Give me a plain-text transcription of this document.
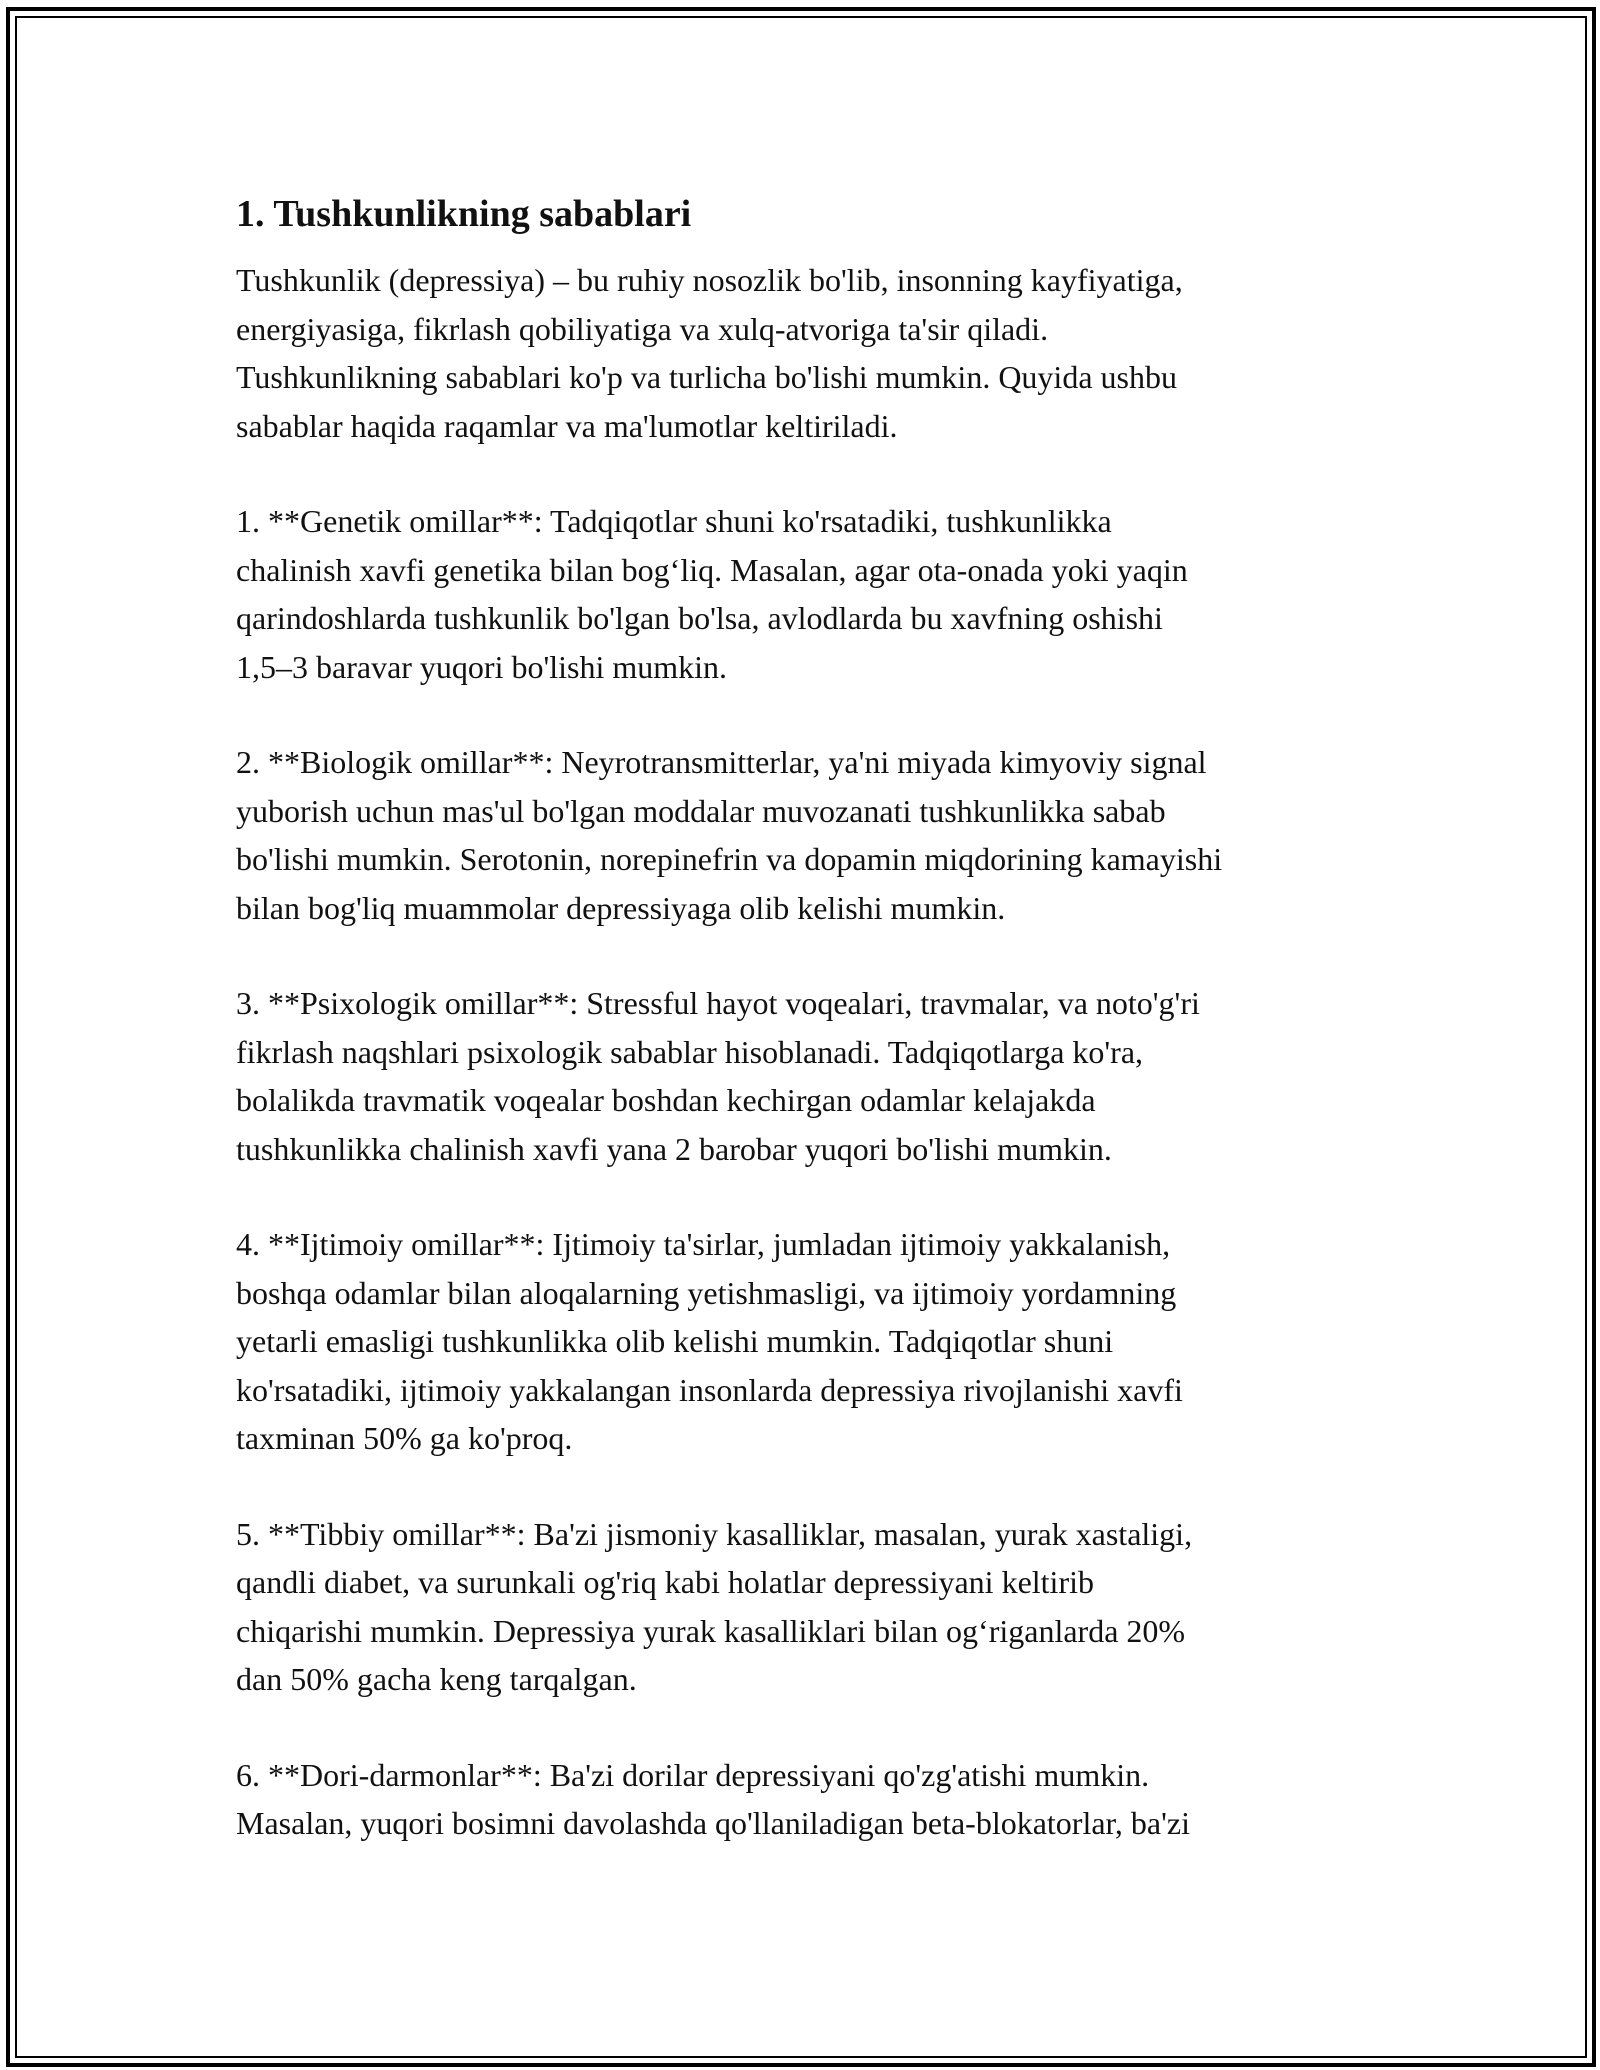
1. Tushkunlikning sabablari

Tushkunlik (depressiya) – bu ruhiy nosozlik bo'lib, insonning kayfiyatiga,
energiyasiga, fikrlash qobiliyatiga va xulq-atvoriga ta'sir qiladi.
Tushkunlikning sabablari ko'p va turlicha bo'lishi mumkin. Quyida ushbu
sabablar haqida raqamlar va ma'lumotlar keltiriladi.

1. **Genetik omillar**: Tadqiqotlar shuni ko'rsatadiki, tushkunlikka
chalinish xavfi genetika bilan bog‘liq. Masalan, agar ota-onada yoki yaqin
qarindoshlarda tushkunlik bo'lgan bo'lsa, avlodlarda bu xavfning oshishi
1,5–3 baravar yuqori bo'lishi mumkin.

2. **Biologik omillar**: Neyrotransmitterlar, ya'ni miyada kimyoviy signal
yuborish uchun mas'ul bo'lgan moddalar muvozanati tushkunlikka sabab
bo'lishi mumkin. Serotonin, norepinefrin va dopamin miqdorining kamayishi
bilan bog'liq muammolar depressiyaga olib kelishi mumkin.

3. **Psixologik omillar**: Stressful hayot voqealari, travmalar, va noto'g'ri
fikrlash naqshlari psixologik sabablar hisoblanadi. Tadqiqotlarga ko'ra,
bolalikda travmatik voqealar boshdan kechirgan odamlar kelajakda
tushkunlikka chalinish xavfi yana 2 barobar yuqori bo'lishi mumkin.

4. **Ijtimoiy omillar**: Ijtimoiy ta'sirlar, jumladan ijtimoiy yakkalanish,
boshqa odamlar bilan aloqalarning yetishmasligi, va ijtimoiy yordamning
yetarli emasligi tushkunlikka olib kelishi mumkin. Tadqiqotlar shuni
ko'rsatadiki, ijtimoiy yakkalangan insonlarda depressiya rivojlanishi xavfi
taxminan 50% ga ko'proq.

5. **Tibbiy omillar**: Ba'zi jismoniy kasalliklar, masalan, yurak xastaligi,
qandli diabet, va surunkali og'riq kabi holatlar depressiyani keltirib
chiqarishi mumkin. Depressiya yurak kasalliklari bilan og‘riganlarda 20%
dan 50% gacha keng tarqalgan.

6. **Dori-darmonlar**: Ba'zi dorilar depressiyani qo'zg'atishi mumkin.
Masalan, yuqori bosimni davolashda qo'llaniladigan beta-blokatorlar, ba'zi
